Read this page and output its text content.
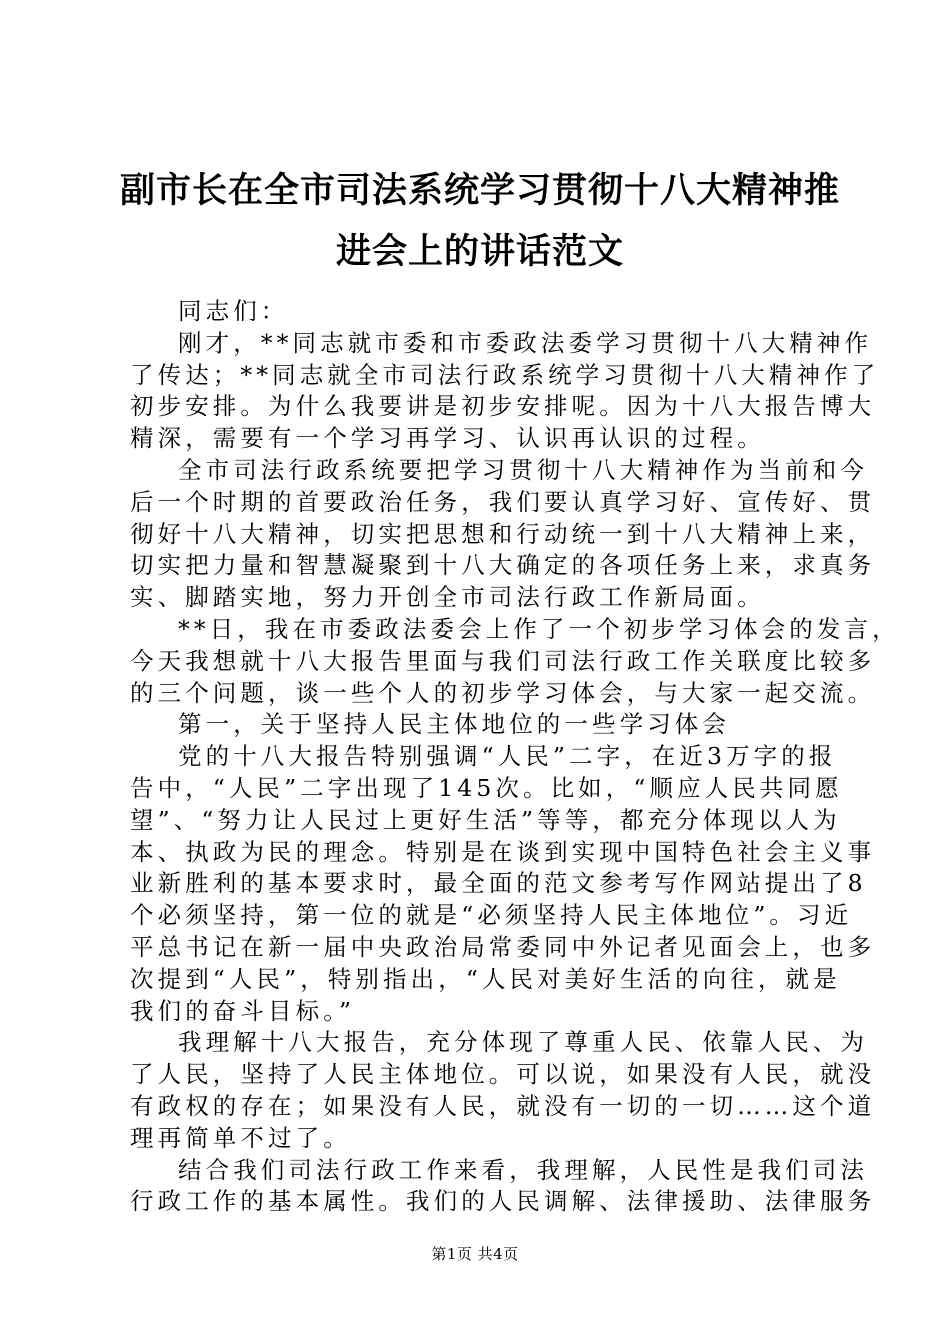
副市长在全市司法系统学习贯彻十八大精神推
进会上的讲话范文
同志们：
刚才，**同志就市委和市委政法委学习贯彻十八大精神作
了传达；**同志就全市司法行政系统学习贯彻十八大精神作了
初步安排。为什么我要讲是初步安排呢。因为十八大报告博大
精深，需要有一个学习再学习、认识再认识的过程。
全市司法行政系统要把学习贯彻十八大精神作为当前和今
后一个时期的首要政治任务，我们要认真学习好、宣传好、贯
彻好十八大精神，切实把思想和行动统一到十八大精神上来，
切实把力量和智慧凝聚到十八大确定的各项任务上来，求真务
实、脚踏实地，努力开创全市司法行政工作新局面。
**日，我在市委政法委会上作了一个初步学习体会的发言，
今天我想就十八大报告里面与我们司法行政工作关联度比较多
的三个问题，谈一些个人的初步学习体会，与大家一起交流。
第一，关于坚持人民主体地位的一些学习体会
党的十八大报告特别强调“人民”二字，在近3万字的报
告中，“人民”二字出现了145次。比如，“顺应人民共同愿
望”、“努力让人民过上更好生活”等等，都充分体现以人为
本、执政为民的理念。特别是在谈到实现中国特色社会主义事
业新胜利的基本要求时，最全面的范文参考写作网站提出了8
个必须坚持，第一位的就是“必须坚持人民主体地位”。习近
平总书记在新一届中央政治局常委同中外记者见面会上，也多
次提到“人民”，特别指出，“人民对美好生活的向往，就是
我们的奋斗目标。”
我理解十八大报告，充分体现了尊重人民、依靠人民、为
了人民，坚持了人民主体地位。可以说，如果没有人民，就没
有政权的存在；如果没有人民，就没有一切的一切……这个道
理再简单不过了。
结合我们司法行政工作来看，我理解，人民性是我们司法
行政工作的基本属性。我们的人民调解、法律援助、法律服务
第1页 共4页
